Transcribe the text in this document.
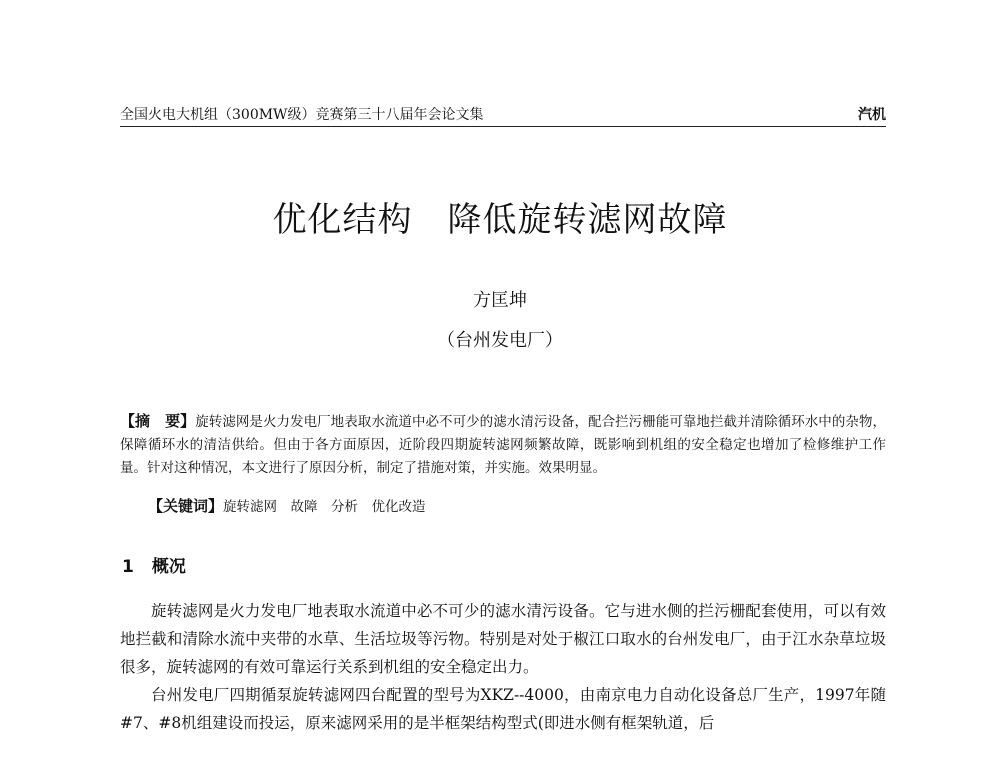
全国火电大机组（300MW级）竞赛第三十八届年会论文集	汽机
优化结构　降低旋转滤网故障
方匡坤
（台州发电厂）
【摘　要】旋转滤网是火力发电厂地表取水流道中必不可少的滤水清污设备，配合拦污栅能可靠地拦截并清除循环水中的杂物，保障循环水的清洁供给。但由于各方面原因，近阶段四期旋转滤网频繁故障，既影响到机组的安全稳定也增加了检修维护工作量。针对这种情况，本文进行了原因分析，制定了措施对策，并实施。效果明显。
【关键词】旋转滤网　故障　分析　优化改造
1 概况

旋转滤网是火力发电厂地表取水流道中必不可少的滤水清污设备。它与进水侧的拦污栅配套使用，可以有效地拦截和清除水流中夹带的水草、生活垃圾等污物。特别是对处于椒江口取水的台州发电厂，由于江水杂草垃圾很多，旋转滤网的有效可靠运行关系到机组的安全稳定出力。

台州发电厂四期循泵旋转滤网四台配置的型号为XKZ--4000，由南京电力自动化设备总厂生产，1997年随#7、#8机组建设而投运，原来滤网采用的是半框架结构型式(即进水侧有框架轨道，后
